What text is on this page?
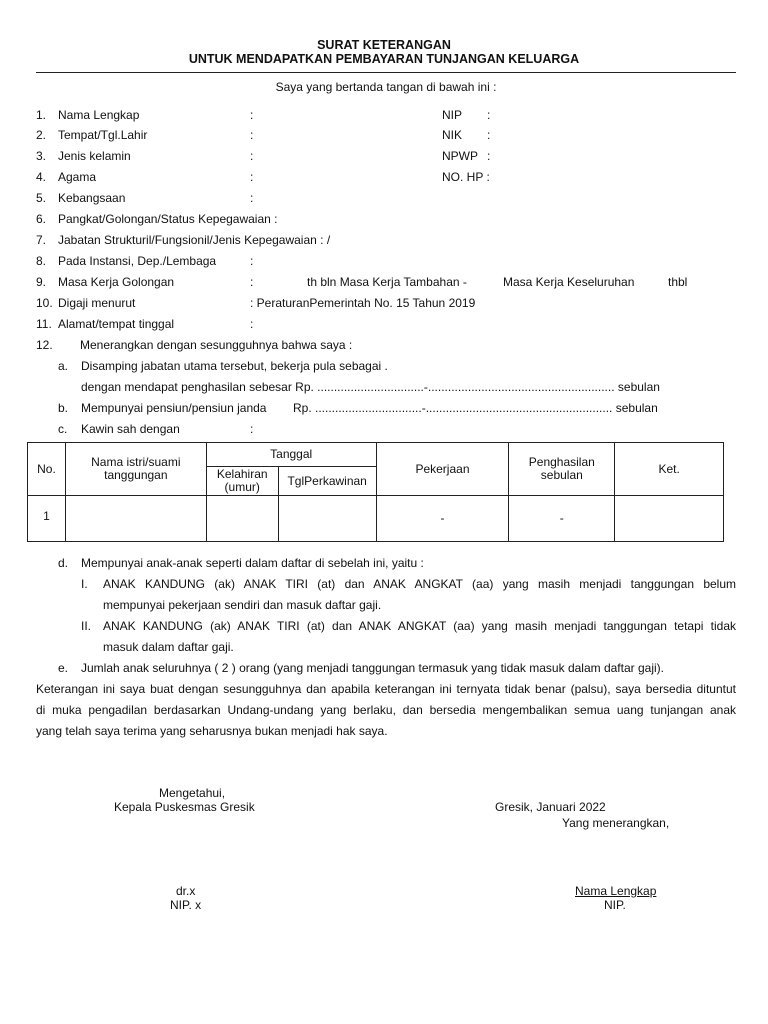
SURAT KETERANGAN
UNTUK MENDAPATKAN PEMBAYARAN TUNJANGAN KELUARGA
Saya yang bertanda tangan di bawah ini :
1. Nama Lengkap	:	NIP :
2. Tempat/Tgl.Lahir	:	NIK :
3. Jenis kelamin	:	NPWP :
4. Agama	:	NO. HP :
5. Kebangsaan	:
6. Pangkat/Golongan/Status Kepegawaian :
7. Jabatan Strukturil/Fungsionil/Jenis Kepegawaian : /
8. Pada Instansi, Dep./Lembaga	:
9. Masa Kerja Golongan	:	th bln Masa Kerja Tambahan -	Masa Kerja Keseluruhan	thbl
10. Digaji menurut	: PeraturanPemerintah No. 15 Tahun 2019
11. Alamat/tempat tinggal	:
12. Menerangkan dengan sesungguhnya bahwa saya :
a. Disamping jabatan utama tersebut, bekerja pula sebagai .
dengan mendapat penghasilan sebesar Rp. ................................-........................................................ sebulan
b. Mempunyai pensiun/pensiun janda Rp. ................................-........................................................ sebulan
c. Kawin sah dengan	:
No.	Nama istri/suami tanggungan	Tanggal		Pekerjaan	Penghasilan sebulan	Ket.
		Kelahiran (umur)	TglPerkawinan			
1				-	-	
d. Mempunyai anak-anak seperti dalam daftar di sebelah ini, yaitu :
I. ANAK KANDUNG (ak) ANAK TIRI (at) dan ANAK ANGKAT (aa) yang masih menjadi tanggungan belum
mempunyai pekerjaan sendiri dan masuk daftar gaji.
II. ANAK KANDUNG (ak) ANAK TIRI (at) dan ANAK ANGKAT (aa) yang masih menjadi tanggungan tetapi tidak
masuk dalam daftar gaji.
e. Jumlah anak seluruhnya ( 2 ) orang (yang menjadi tanggungan termasuk yang tidak masuk dalam daftar gaji).
Keterangan ini saya buat dengan sesungguhnya dan apabila keterangan ini ternyata tidak benar (palsu), saya bersedia dituntut
di muka pengadilan berdasarkan Undang-undang yang berlaku, dan bersedia mengembalikan semua uang tunjangan anak
yang telah saya terima yang seharusnya bukan menjadi hak saya.
Mengetahui,
Kepala Puskesmas Gresik	Gresik, Januari 2022
Yang menerangkan,
dr.x
NIP. x
Nama Lengkap
NIP.
